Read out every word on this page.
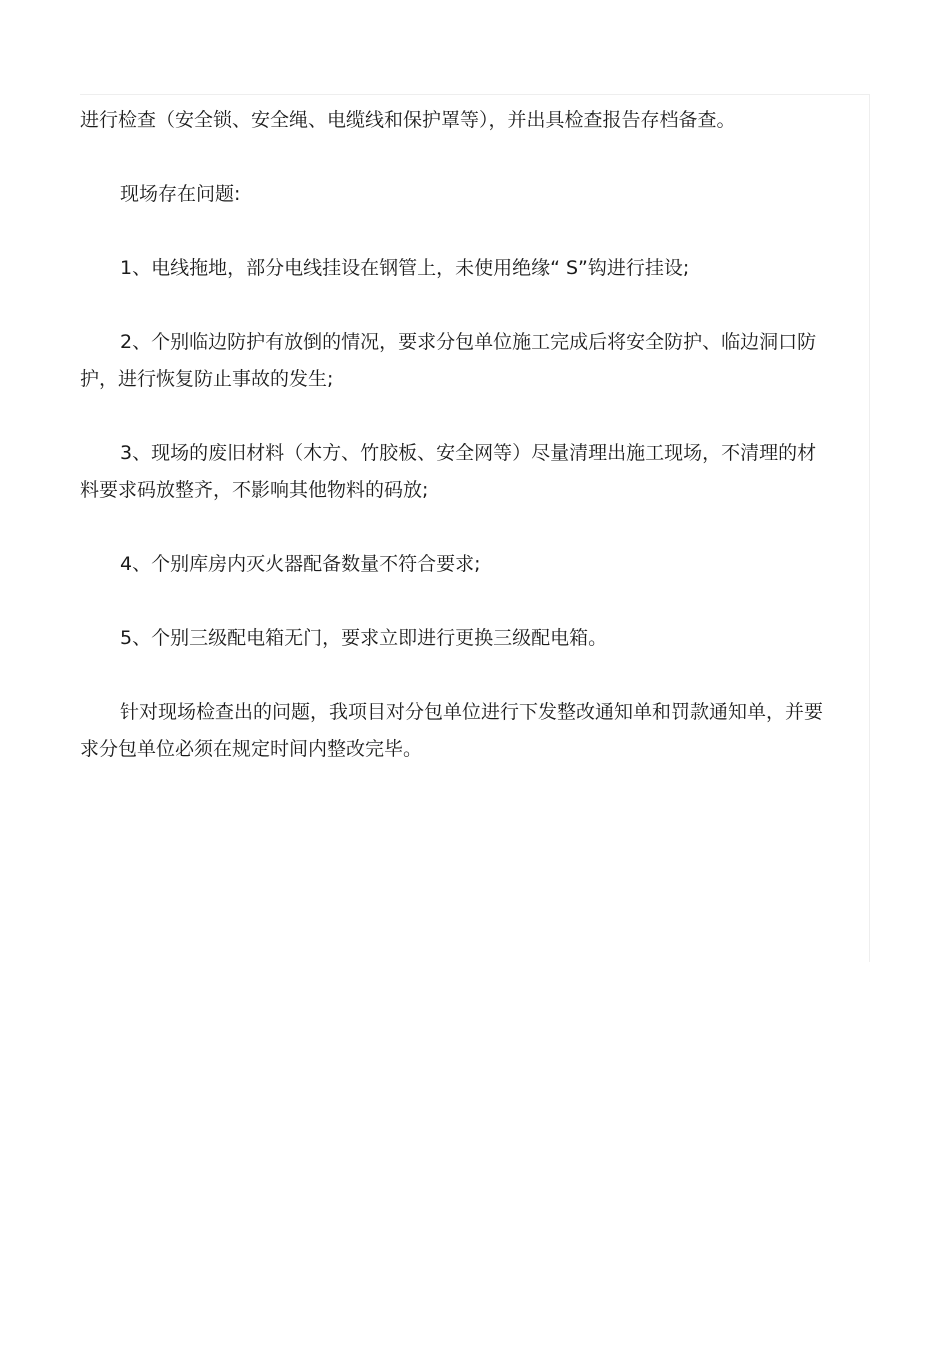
进行检查（安全锁、安全绳、电缆线和保护罩等），并出具检查报告存档备查。

现场存在问题:

1、电线拖地，部分电线挂设在钢管上，未使用绝缘“ S”钩进行挂设;

2、个别临边防护有放倒的情况，要求分包单位施工完成后将安全防护、临边洞口防护，进行恢复防止事故的发生;

3、现场的废旧材料（木方、竹胶板、安全网等）尽量清理出施工现场，不清理的材料要求码放整齐，不影响其他物料的码放;

4、个别库房内灭火器配备数量不符合要求;

5、个别三级配电箱无门，要求立即进行更换三级配电箱。

针对现场检查出的问题，我项目对分包单位进行下发整改通知单和罚款通知单，并要求分包单位必须在规定时间内整改完毕。
